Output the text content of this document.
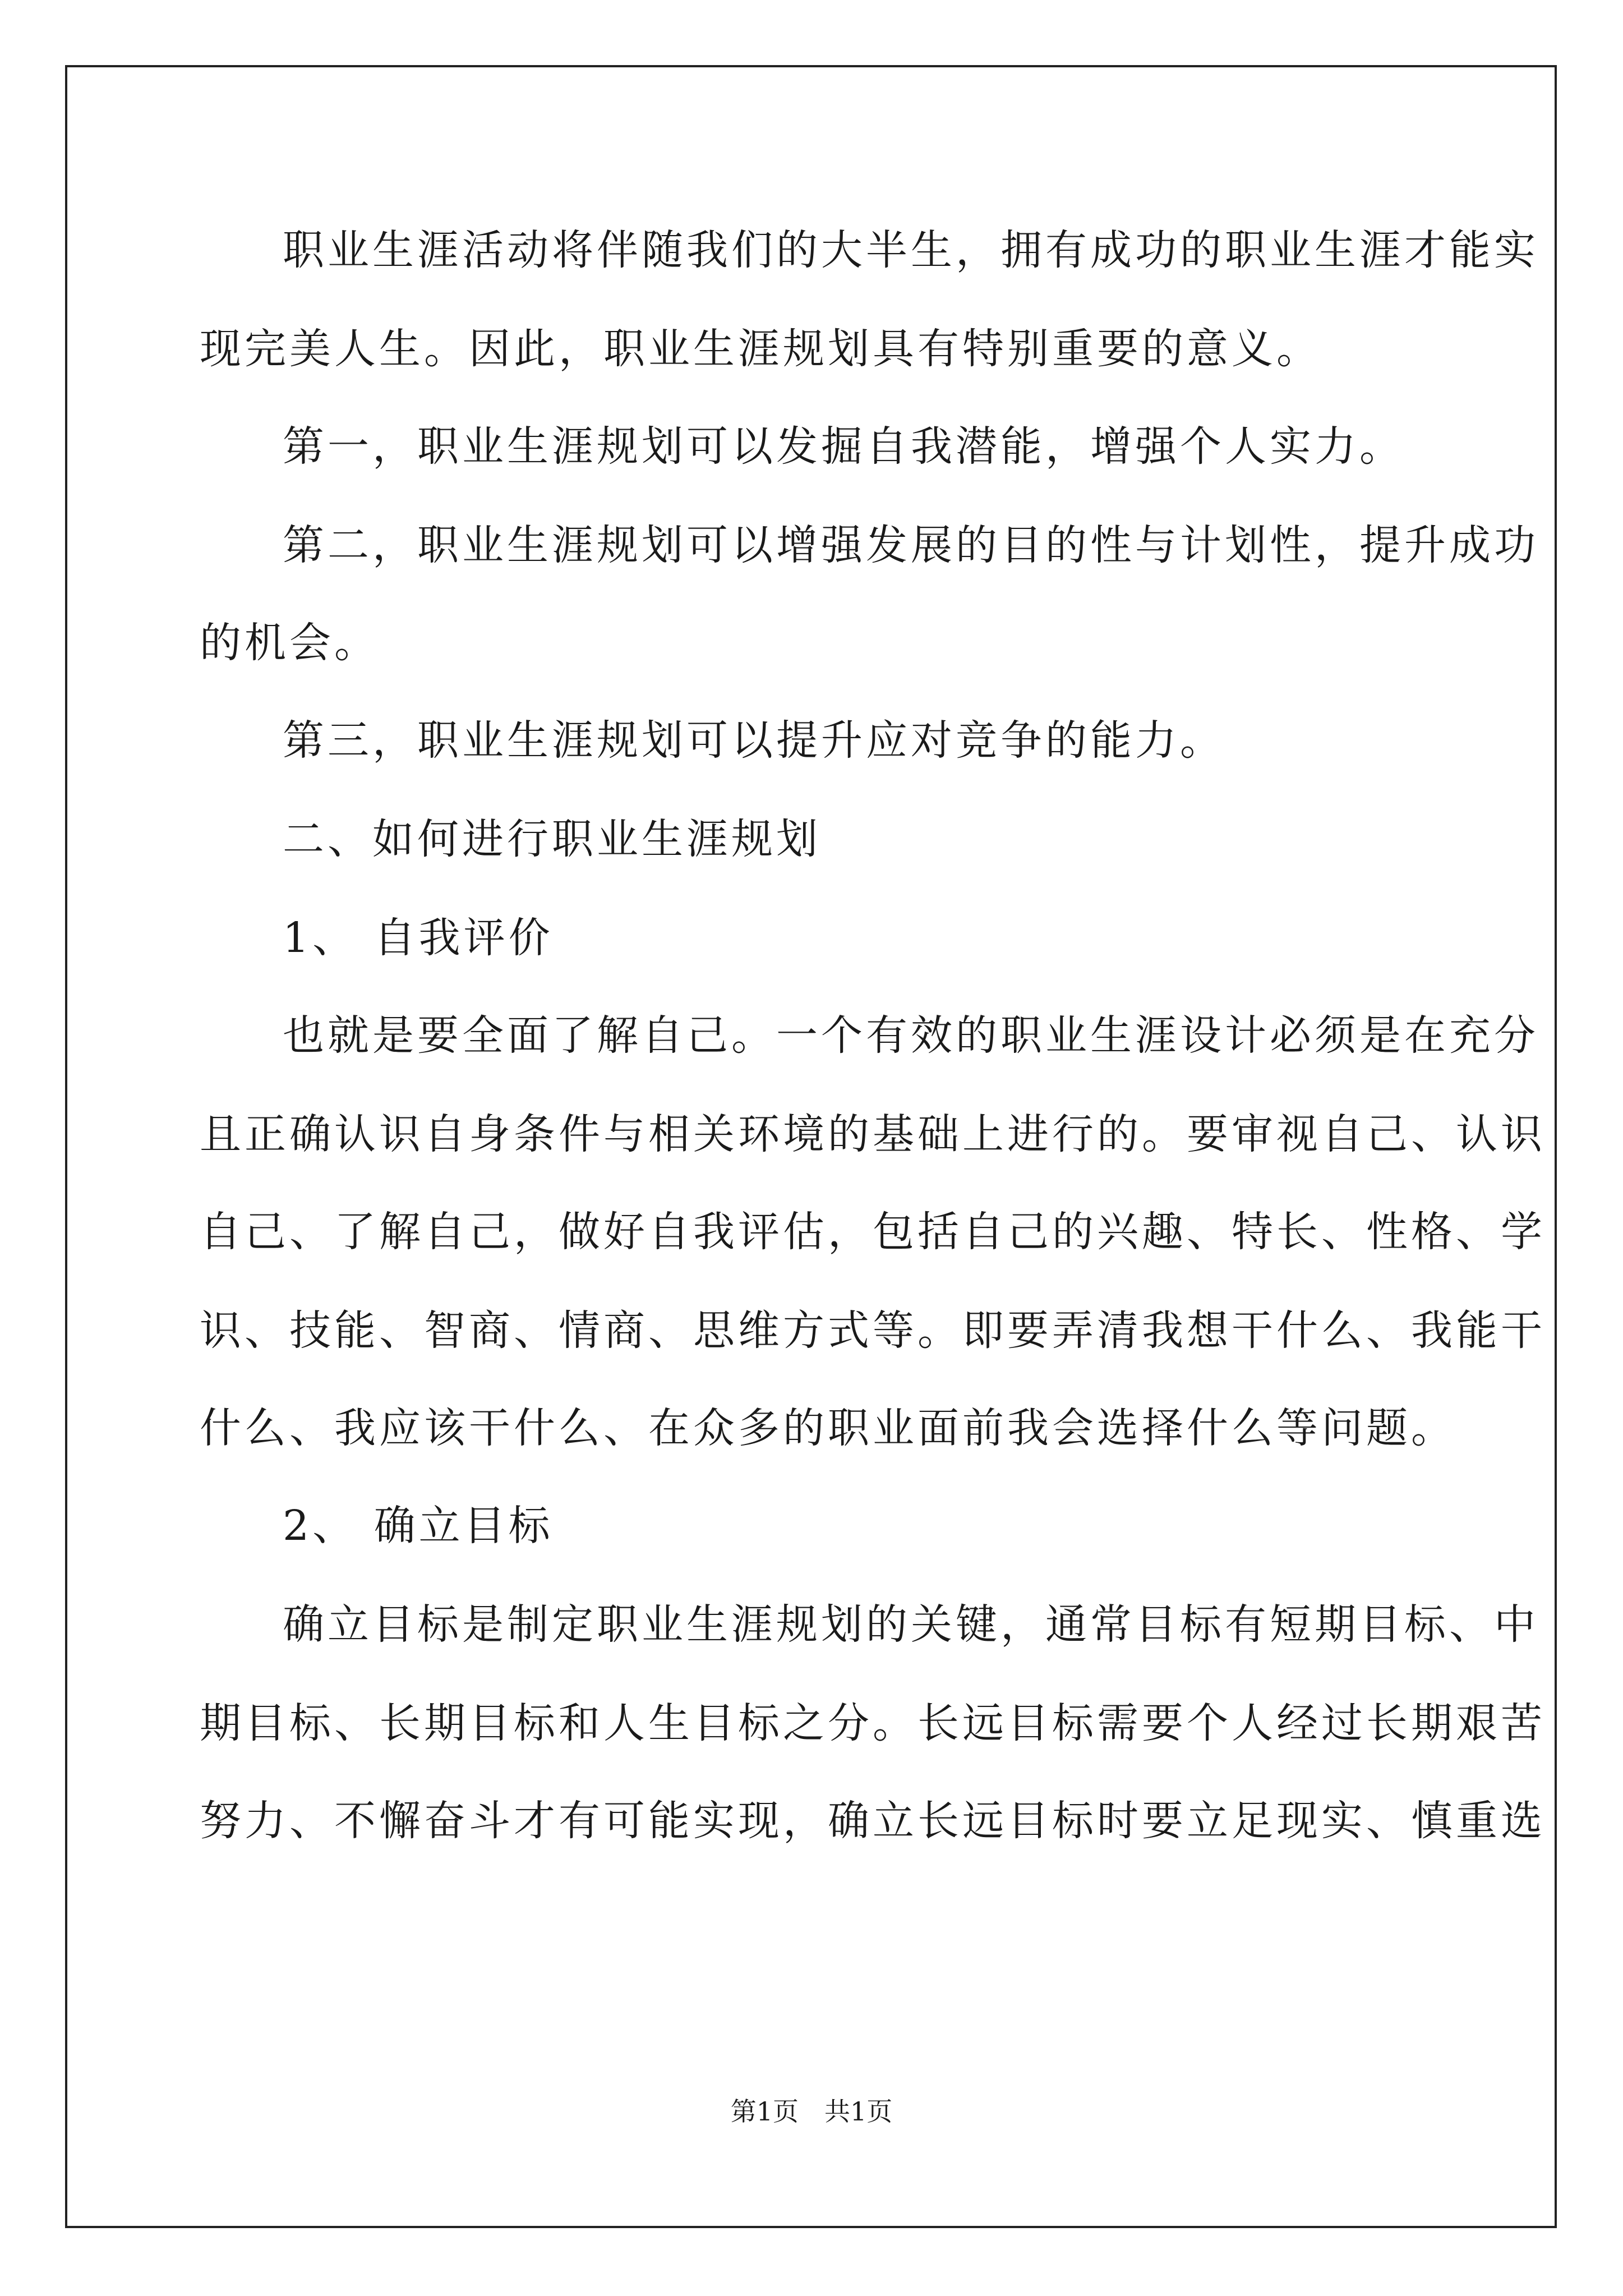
职业生涯活动将伴随我们的大半生，拥有成功的职业生涯才能实
现完美人生。因此，职业生涯规划具有特别重要的意义。
第一，职业生涯规划可以发掘自我潜能，增强个人实力。
第二，职业生涯规划可以增强发展的目的性与计划性，提升成功
的机会。
第三，职业生涯规划可以提升应对竞争的能力。
二、如何进行职业生涯规划
1、 自我评价
也就是要全面了解自己。一个有效的职业生涯设计必须是在充分
且正确认识自身条件与相关环境的基础上进行的。要审视自己、认识
自己、了解自己，做好自我评估，包括自己的兴趣、特长、性格、学
识、技能、智商、情商、思维方式等。即要弄清我想干什么、我能干
什么、我应该干什么、在众多的职业面前我会选择什么等问题。
2、 确立目标
确立目标是制定职业生涯规划的关键，通常目标有短期目标、中
期目标、长期目标和人生目标之分。长远目标需要个人经过长期艰苦
努力、不懈奋斗才有可能实现，确立长远目标时要立足现实、慎重选
第1页 共1页
